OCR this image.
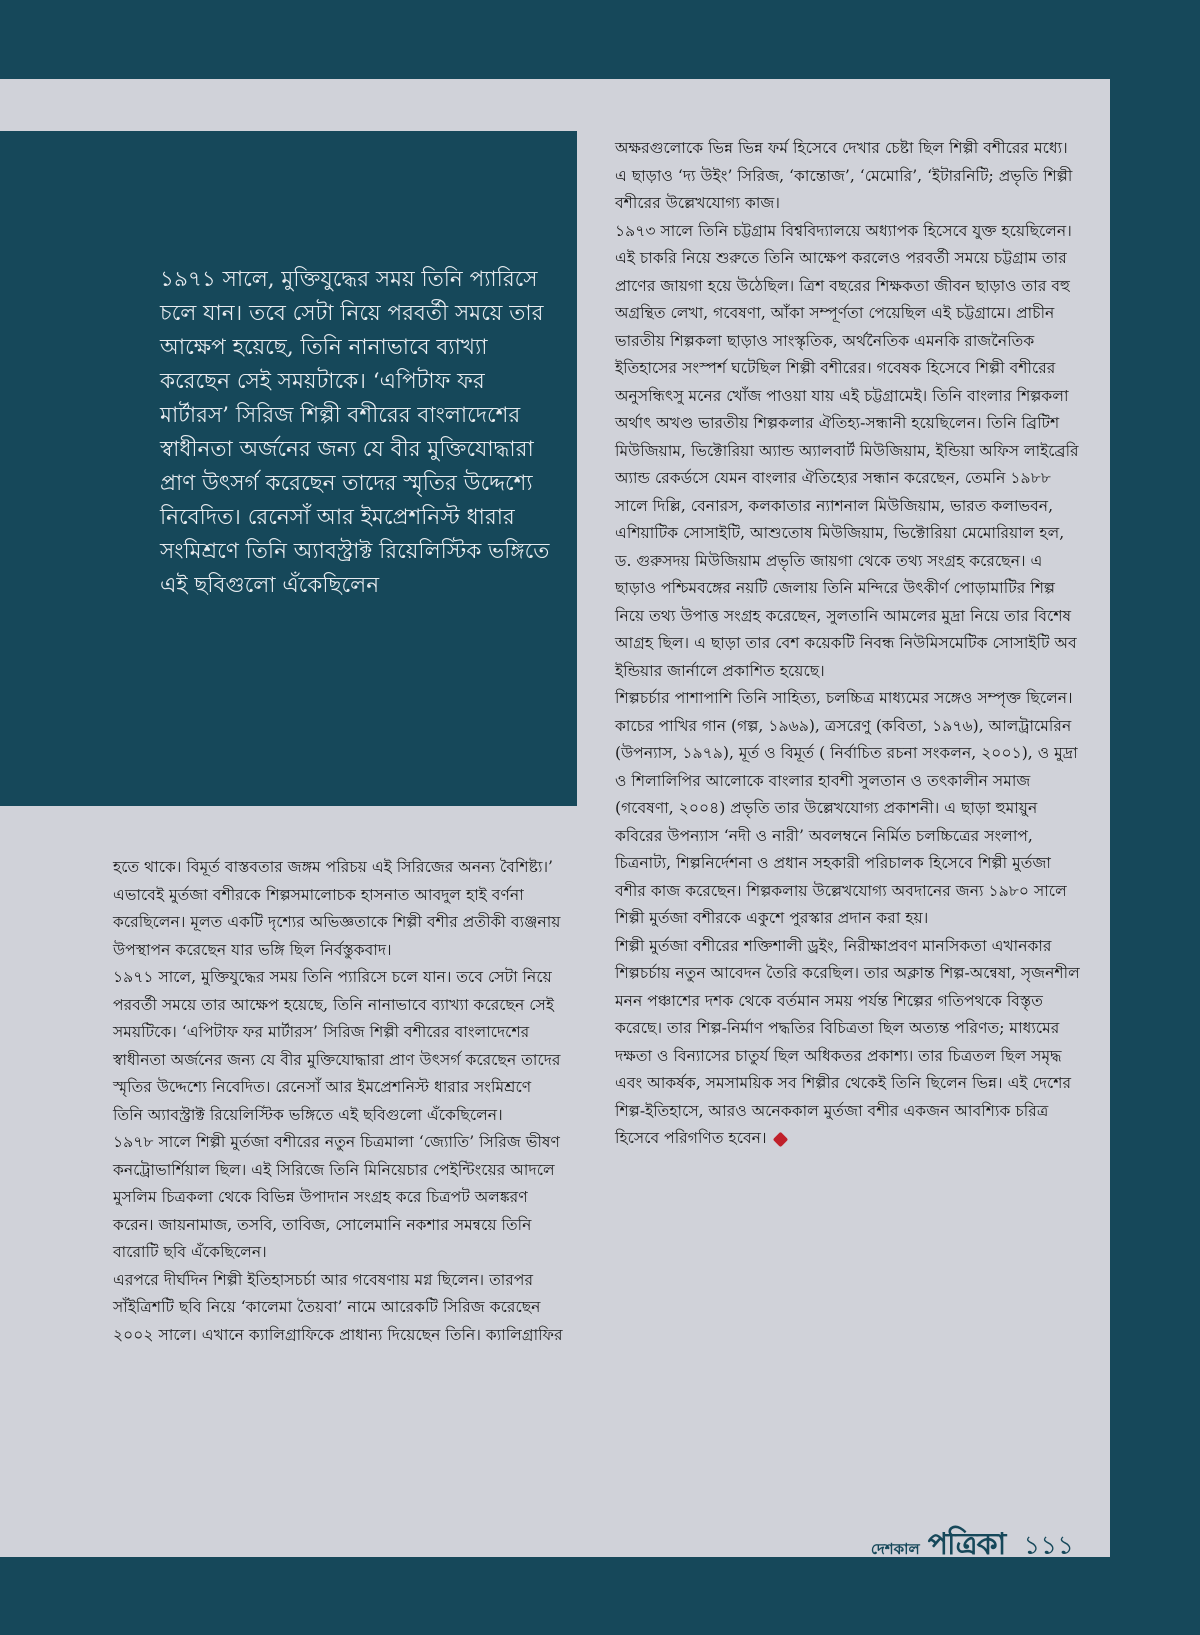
১৯৭১ সালে, মুক্তিযুদ্ধের সময় তিনি প্যারিসে চলে যান। তবে সেটা নিয়ে পরবর্তী সময়ে তার আক্ষেপ হয়েছে, তিনি নানাভাবে ব্যাখ্যা করেছেন সেই সময়টাকে। ‘এপিটাফ ফর মার্টারস’ সিরিজ শিল্পী বশীরের বাংলাদেশের স্বাধীনতা অর্জনের জন্য যে বীর মুক্তিযোদ্ধারা প্রাণ উৎসর্গ করেছেন তাদের স্মৃতির উদ্দেশ্যে নিবেদিত। রেনেসাঁ আর ইমপ্রেশনিস্ট ধারার সংমিশ্রণে তিনি অ্যাবস্ট্রাক্ট রিয়েলিস্টিক ভঙ্গিতে এই ছবিগুলো এঁকেছিলেন

হতে থাকে। বিমূর্ত বাস্তবতার জঙ্গম পরিচয় এই সিরিজের অনন্য বৈশিষ্ট্য।’ এভাবেই মুর্তজা বশীরকে শিল্পসমালোচক হাসনাত আবদুল হাই বর্ণনা করেছিলেন। মূলত একটি দৃশ্যের অভিজ্ঞতাকে শিল্পী বশীর প্রতীকী ব্যঞ্জনায় উপস্থাপন করেছেন যার ভঙ্গি ছিল নির্বস্তুকবাদ।

১৯৭১ সালে, মুক্তিযুদ্ধের সময় তিনি প্যারিসে চলে যান। তবে সেটা নিয়ে পরবর্তী সময়ে তার আক্ষেপ হয়েছে, তিনি নানাভাবে ব্যাখ্যা করেছেন সেই সময়টিকে। ‘এপিটাফ ফর মার্টারস’ সিরিজ শিল্পী বশীরের বাংলাদেশের স্বাধীনতা অর্জনের জন্য যে বীর মুক্তিযোদ্ধারা প্রাণ উৎসর্গ করেছেন তাদের স্মৃতির উদ্দেশ্যে নিবেদিত। রেনেসাঁ আর ইমপ্রেশনিস্ট ধারার সংমিশ্রণে তিনি অ্যাবস্ট্রাক্ট রিয়েলিস্টিক ভঙ্গিতে এই ছবিগুলো এঁকেছিলেন।

১৯৭৮ সালে শিল্পী মুর্তজা বশীরের নতুন চিত্রমালা ‘জ্যোতি’ সিরিজ ভীষণ কনট্রোভার্শিয়াল ছিল। এই সিরিজে তিনি মিনিয়েচার পেইন্টিংয়ের আদলে মুসলিম চিত্রকলা থেকে বিভিন্ন উপাদান সংগ্রহ করে চিত্রপট অলঙ্করণ করেন। জায়নামাজ, তসবি, তাবিজ, সোলেমানি নকশার সমন্বয়ে তিনি বারোটি ছবি এঁকেছিলেন।

এরপরে দীর্ঘদিন শিল্পী ইতিহাসচর্চা আর গবেষণায় মগ্ন ছিলেন। তারপর সাঁইত্রিশটি ছবি নিয়ে ‘কালেমা তৈয়বা’ নামে আরেকটি সিরিজ করেছেন ২০০২ সালে। এখানে ক্যালিগ্রাফিকে প্রাধান্য দিয়েছেন তিনি। ক্যালিগ্রাফির

অক্ষরগুলোকে ভিন্ন ভিন্ন ফর্ম হিসেবে দেখার চেষ্টা ছিল শিল্পী বশীরের মধ্যে। এ ছাড়াও ‘দ্য উইং’ সিরিজ, ‘কান্তোজ’, ‘মেমোরি’, ‘ইটারনিটি; প্রভৃতি শিল্পী বশীরের উল্লেখযোগ্য কাজ।

১৯৭৩ সালে তিনি চট্টগ্রাম বিশ্ববিদ্যালয়ে অধ্যাপক হিসেবে যুক্ত হয়েছিলেন। এই চাকরি নিয়ে শুরুতে তিনি আক্ষেপ করলেও পরবর্তী সময়ে চট্টগ্রাম তার প্রাণের জায়গা হয়ে উঠেছিল। ত্রিশ বছরের শিক্ষকতা জীবন ছাড়াও তার বহু অগ্রন্থিত লেখা, গবেষণা, আঁকা সম্পূর্ণতা পেয়েছিল এই চট্টগ্রামে। প্রাচীন ভারতীয় শিল্পকলা ছাড়াও সাংস্কৃতিক, অর্থনৈতিক এমনকি রাজনৈতিক ইতিহাসের সংস্পর্শ ঘটেছিল শিল্পী বশীরের। গবেষক হিসেবে শিল্পী বশীরের অনুসন্ধিৎসু মনের খোঁজ পাওয়া যায় এই চট্টগ্রামেই। তিনি বাংলার শিল্পকলা অর্থাৎ অখণ্ড ভারতীয় শিল্পকলার ঐতিহ্য-সন্ধানী হয়েছিলেন। তিনি ব্রিটিশ মিউজিয়াম, ভিক্টোরিয়া অ্যান্ড অ্যালবার্ট মিউজিয়াম, ইন্ডিয়া অফিস লাইব্রেরি অ্যান্ড রেকর্ডসে যেমন বাংলার ঐতিহ্যের সন্ধান করেছেন, তেমনি ১৯৮৮ সালে দিল্লি, বেনারস, কলকাতার ন্যাশনাল মিউজিয়াম, ভারত কলাভবন, এশিয়াটিক সোসাইটি, আশুতোষ মিউজিয়াম, ভিক্টোরিয়া মেমোরিয়াল হল, ড. গুরুসদয় মিউজিয়াম প্রভৃতি জায়গা থেকে তথ্য সংগ্রহ করেছেন। এ ছাড়াও পশ্চিমবঙ্গের নয়টি জেলায় তিনি মন্দিরে উৎকীর্ণ পোড়ামাটির শিল্প নিয়ে তথ্য উপাত্ত সংগ্রহ করেছেন, সুলতানি আমলের মুদ্রা নিয়ে তার বিশেষ আগ্রহ ছিল। এ ছাড়া তার বেশ কয়েকটি নিবন্ধ নিউমিসমেটিক সোসাইটি অব ইন্ডিয়ার জার্নালে প্রকাশিত হয়েছে।

শিল্পচর্চার পাশাপাশি তিনি সাহিত্য, চলচ্চিত্র মাধ্যমের সঙ্গেও সম্পৃক্ত ছিলেন। কাচের পাখির গান (গল্প, ১৯৬৯), ত্রসরেণু (কবিতা, ১৯৭৬), আলট্রামেরিন (উপন্যাস, ১৯৭৯), মূর্ত ও বিমূর্ত ( নির্বাচিত রচনা সংকলন, ২০০১), ও মুদ্রা ও শিলালিপির আলোকে বাংলার হাবশী সুলতান ও তৎকালীন সমাজ (গবেষণা, ২০০৪) প্রভৃতি তার উল্লেখযোগ্য প্রকাশনী। এ ছাড়া হুমায়ুন কবিরের উপন্যাস ‘নদী ও নারী’ অবলম্বনে নির্মিত চলচ্চিত্রের সংলাপ, চিত্রনাট্য, শিল্পনির্দেশনা ও প্রধান সহকারী পরিচালক হিসেবে শিল্পী মুর্তজা বশীর কাজ করেছেন। শিল্পকলায় উল্লেখযোগ্য অবদানের জন্য ১৯৮০ সালে শিল্পী মুর্তজা বশীরকে একুশে পুরস্কার প্রদান করা হয়।

শিল্পী মুর্তজা বশীরের শক্তিশালী ড্রইং, নিরীক্ষাপ্রবণ মানসিকতা এখানকার শিল্পচর্চায় নতুন আবেদন তৈরি করেছিল। তার অক্লান্ত শিল্প-অন্বেষা, সৃজনশীল মনন পঞ্চাশের দশক থেকে বর্তমান সময় পর্যন্ত শিল্পের গতিপথকে বিস্তৃত করেছে। তার শিল্প-নির্মাণ পদ্ধতির বিচিত্রতা ছিল অত্যন্ত পরিণত; মাধ্যমের দক্ষতা ও বিন্যাসের চাতুর্য ছিল অধিকতর প্রকাশ্য। তার চিত্রতল ছিল সমৃদ্ধ এবং আকর্ষক, সমসাময়িক সব শিল্পীর থেকেই তিনি ছিলেন ভিন্ন। এই দেশের শিল্প-ইতিহাসে, আরও অনেককাল মুর্তজা বশীর একজন আবশ্যিক চরিত্র হিসেবে পরিগণিত হবেন।

দেশকাল পত্রিকা ১১১
